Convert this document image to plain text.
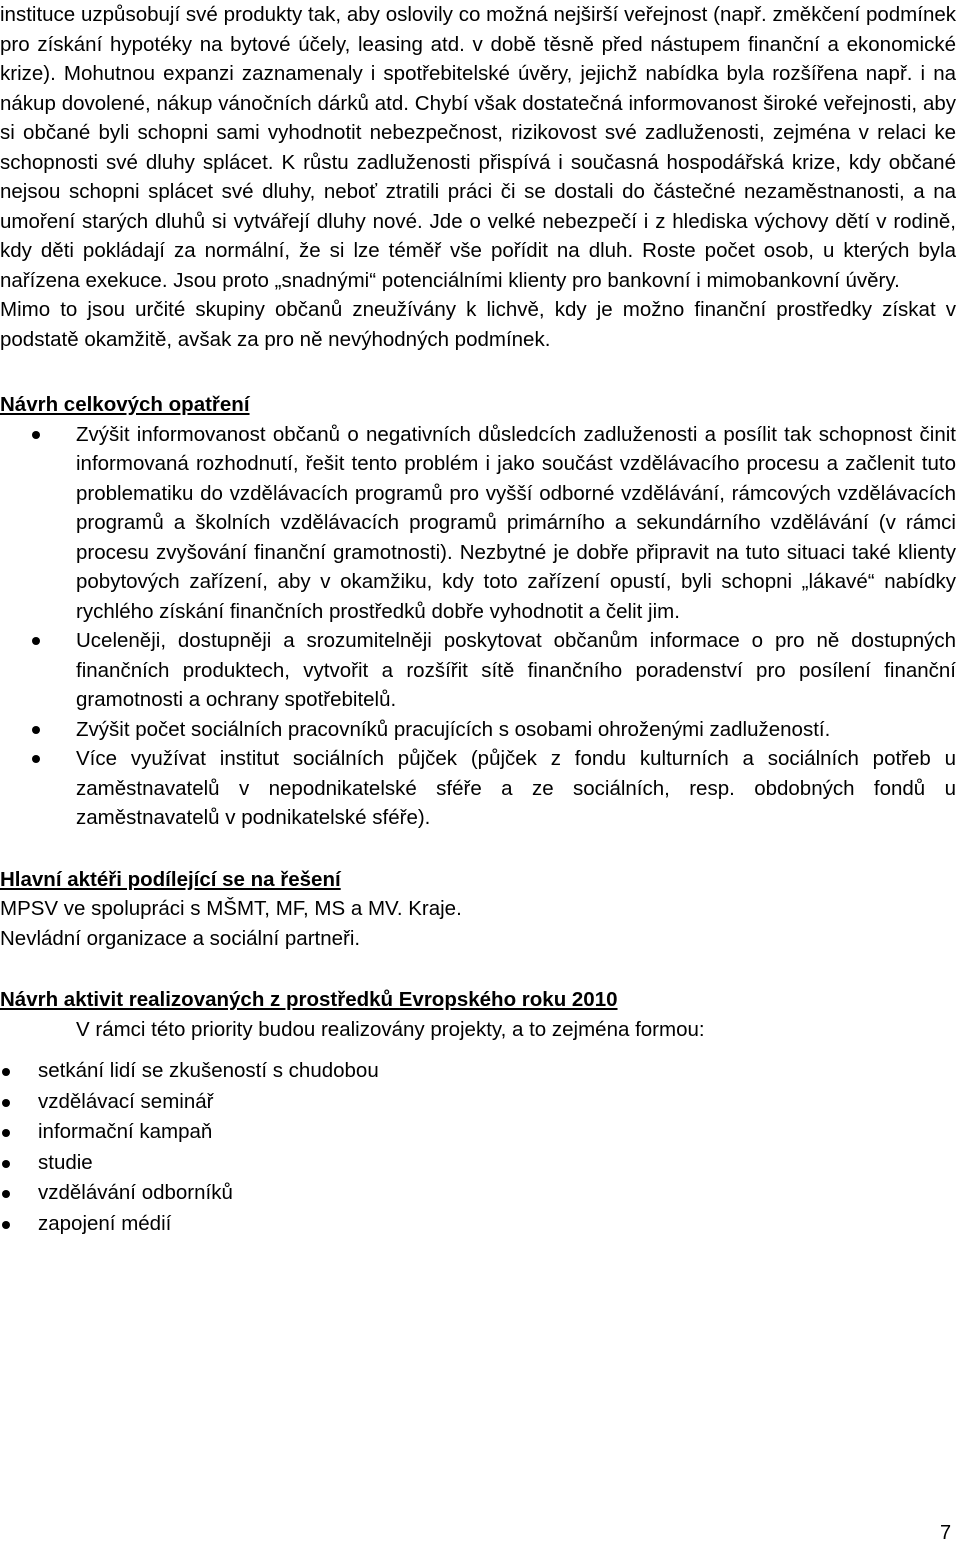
instituce uzpůsobují své produkty tak, aby oslovily co možná nejširší veřejnost (např. změkčení podmínek pro získání hypotéky na bytové účely, leasing atd. v době těsně před nástupem finanční a ekonomické krize). Mohutnou expanzi zaznamenaly i spotřebitelské úvěry, jejichž nabídka byla rozšířena např. i na nákup dovolené, nákup vánočních dárků atd. Chybí však dostatečná informovanost široké veřejnosti, aby si občané byli schopni sami vyhodnotit nebezpečnost, rizikovost své zadluženosti, zejména v relaci ke schopnosti své dluhy splácet. K růstu zadluženosti přispívá i současná hospodářská krize, kdy občané nejsou schopni splácet své dluhy, neboť ztratili práci či se dostali do částečné nezaměstnanosti, a na umoření starých dluhů si vytvářejí dluhy nové. Jde o velké nebezpečí i z hlediska výchovy dětí v rodině, kdy děti pokládají za normální, že si lze téměř vše pořídit na dluh. Roste počet osob, u kterých byla nařízena exekuce. Jsou proto „snadnými“ potenciálními klienty pro bankovní i mimobankovní úvěry.

Mimo to jsou určité skupiny občanů zneužívány k lichvě, kdy je možno finanční prostředky získat v podstatě okamžitě, avšak za pro ně nevýhodných podmínek.

Návrh celkových opatření

Zvýšit informovanost občanů o negativních důsledcích zadluženosti a posílit tak schopnost činit informovaná rozhodnutí, řešit tento problém i jako součást vzdělávacího procesu a začlenit tuto problematiku do vzdělávacích programů pro vyšší odborné vzdělávání, rámcových vzdělávacích programů a školních vzdělávacích programů primárního a sekundárního vzdělávání (v rámci procesu zvyšování finanční gramotnosti). Nezbytné je dobře připravit na tuto situaci také klienty pobytových zařízení, aby v okamžiku, kdy toto zařízení opustí, byli schopni „lákavé“ nabídky rychlého získání finančních prostředků dobře vyhodnotit a čelit jim.
Uceleněji, dostupněji a srozumitelněji poskytovat občanům informace o pro ně dostupných finančních produktech, vytvořit a rozšířit sítě finančního poradenství pro posílení finanční gramotnosti a ochrany spotřebitelů.
Zvýšit počet sociálních pracovníků pracujících s osobami ohroženými zadlužeností.
Více využívat institut sociálních půjček (půjček z fondu kulturních a sociálních potřeb u zaměstnavatelů v nepodnikatelské sféře a ze sociálních, resp. obdobných fondů u zaměstnavatelů v podnikatelské sféře).

Hlavní aktéři podílející se na řešení

MPSV ve spolupráci s MŠMT, MF, MS a MV. Kraje.

Nevládní organizace a sociální partneři.

Návrh aktivit realizovaných z prostředků Evropského roku 2010

V rámci této priority budou realizovány projekty, a to zejména formou:

setkání lidí se zkušeností s chudobou
vzdělávací seminář
informační kampaň
studie
vzdělávání odborníků
zapojení médií
7
